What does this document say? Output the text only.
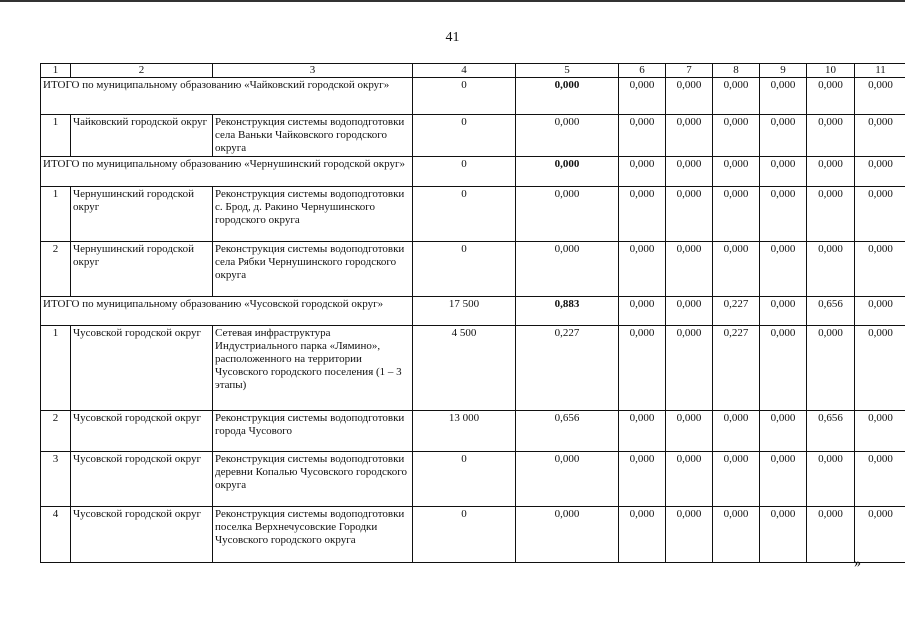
41
1	2	3	4	5	6	7	8	9	10	11
ИТОГО по муниципальному образованию «Чайковский городской округ»			0	0,000	0,000	0,000	0,000	0,000	0,000	0,000
1	Чайковский городской округ	Реконструкция системы водоподготовки села Ваньки Чайковского городского округа	0	0,000	0,000	0,000	0,000	0,000	0,000	0,000
ИТОГО по муниципальному образованию «Чернушинский городской округ»			0	0,000	0,000	0,000	0,000	0,000	0,000	0,000
1	Чернушинский городской округ	Реконструкция системы водоподготовки с. Брод, д. Ракино Чернушинского городского округа	0	0,000	0,000	0,000	0,000	0,000	0,000	0,000
2	Чернушинский городской округ	Реконструкция системы водоподготовки села Рябки Чернушинского городского округа	0	0,000	0,000	0,000	0,000	0,000	0,000	0,000
ИТОГО по муниципальному образованию «Чусовской городской округ»			17 500	0,883	0,000	0,000	0,227	0,000	0,656	0,000
1	Чусовской городской округ	Сетевая инфраструктура Индустриального парка «Лямино», расположенного на территории Чусовского городского поселения (1 – 3 этапы)	4 500	0,227	0,000	0,000	0,227	0,000	0,000	0,000
2	Чусовской городской округ	Реконструкция системы водоподготовки города Чусового	13 000	0,656	0,000	0,000	0,000	0,000	0,656	0,000
3	Чусовской городской округ	Реконструкция системы водоподготовки деревни Копалью Чусовского городского округа	0	0,000	0,000	0,000	0,000	0,000	0,000	0,000
4	Чусовской городской округ	Реконструкция системы водоподготовки поселка Верхнечусовские Городки Чусовского городского округа	0	0,000	0,000	0,000	0,000	0,000	0,000	0,000
»
